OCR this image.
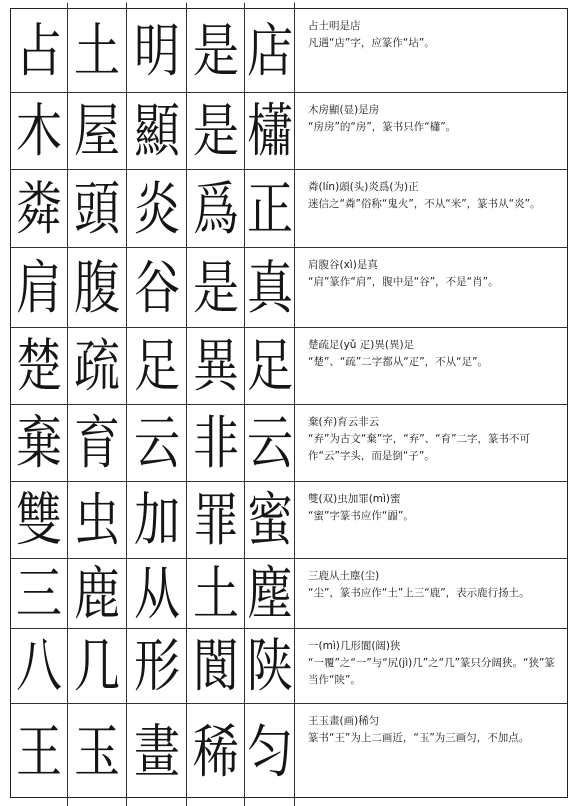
占 土 明 是 店 占土明是店
凡遇“店”字，应篆作“坫”。
木 屋 顯 是 櫹 木房顯(显)是房
“房房”的“房”，篆书只作“櫹”。
粦 頭 炎 爲 正 粦(lín)頭(头)炎爲(为)正
迷信之“粦”俗称“鬼火”，不从“米”，篆书从“炎”。
肩 腹 谷 是 真 肩腹谷(xì)是真
“肩”篆作“肩”，腹中是“谷”，不是“肖”。
楚 疏 足 異 足 楚疏足(yǔ 疋)異(異)足
“楚”、“疏”二字都从“疋”，不从“足”。
棄 育 云 非 云 棄(弃)育云非云
“弃”为古文“棄”字，“弃”、“育”二字，篆书不可作“云”字头，而是倒“子”。
雙 虫 加 罪 蜜 雙(双)虫加罪(mì)蜜
“蜜”字篆书应作“蠠”。
三 鹿 从 土 塵 三鹿从土塵(尘)
“尘”，篆书应作“土”上三“鹿”，表示鹿行扬土。
八 几 形 閬 陕 一(mì)几形閬(阔)狭
“一覆”之“一”与“尻(jì)几”之“几”篆只分阔狭。“狭”篆当作“陕”。
王 玉 畫 稀 匀 王玉畫(画)稀匀
篆书“王”为上二画近，“玉”为三画匀，不加点。
